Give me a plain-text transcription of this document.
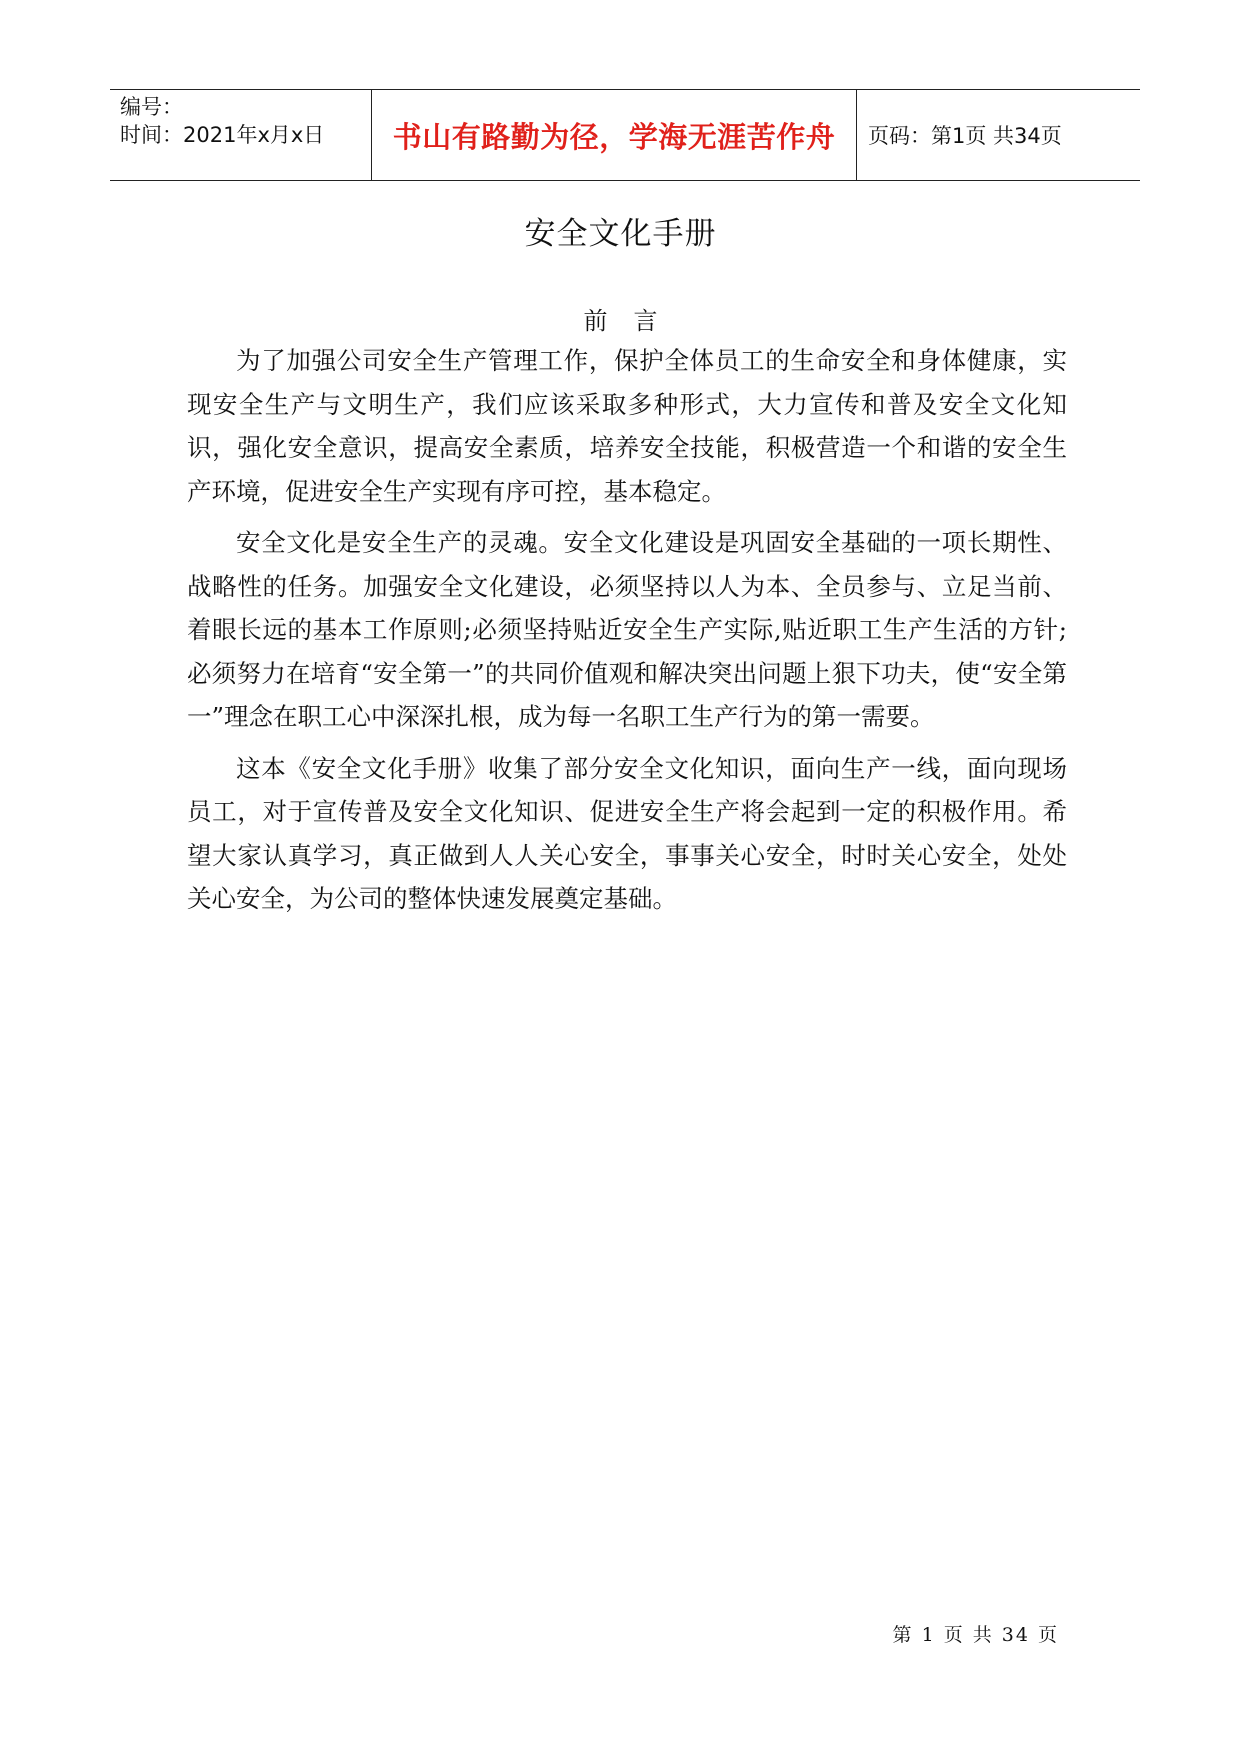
编号：
时间：2021年x月x日	书山有路勤为径，学海无涯苦作舟 页码：第1页 共34页
安全文化手册
前言

为了加强公司安全生产管理工作，保护全体员工的生命安全和身体健康，实现安全生产与文明生产，我们应该采取多种形式，大力宣传和普及安全文化知识，强化安全意识，提高安全素质，培养安全技能，积极营造一个和谐的安全生产环境，促进安全生产实现有序可控，基本稳定。

安全文化是安全生产的灵魂。安全文化建设是巩固安全基础的一项长期性、战略性的任务。加强安全文化建设，必须坚持以人为本、全员参与、立足当前、着眼长远的基本工作原则;必须坚持贴近安全生产实际,贴近职工生产生活的方针;必须努力在培育“安全第一”的共同价值观和解决突出问题上狠下功夫，使“安全第一”理念在职工心中深深扎根，成为每一名职工生产行为的第一需要。

这本《安全文化手册》收集了部分安全文化知识，面向生产一线，面向现场员工，对于宣传普及安全文化知识、促进安全生产将会起到一定的积极作用。希望大家认真学习，真正做到人人关心安全，事事关心安全，时时关心安全，处处关心安全，为公司的整体快速发展奠定基础。

第 1 页 共 34 页
